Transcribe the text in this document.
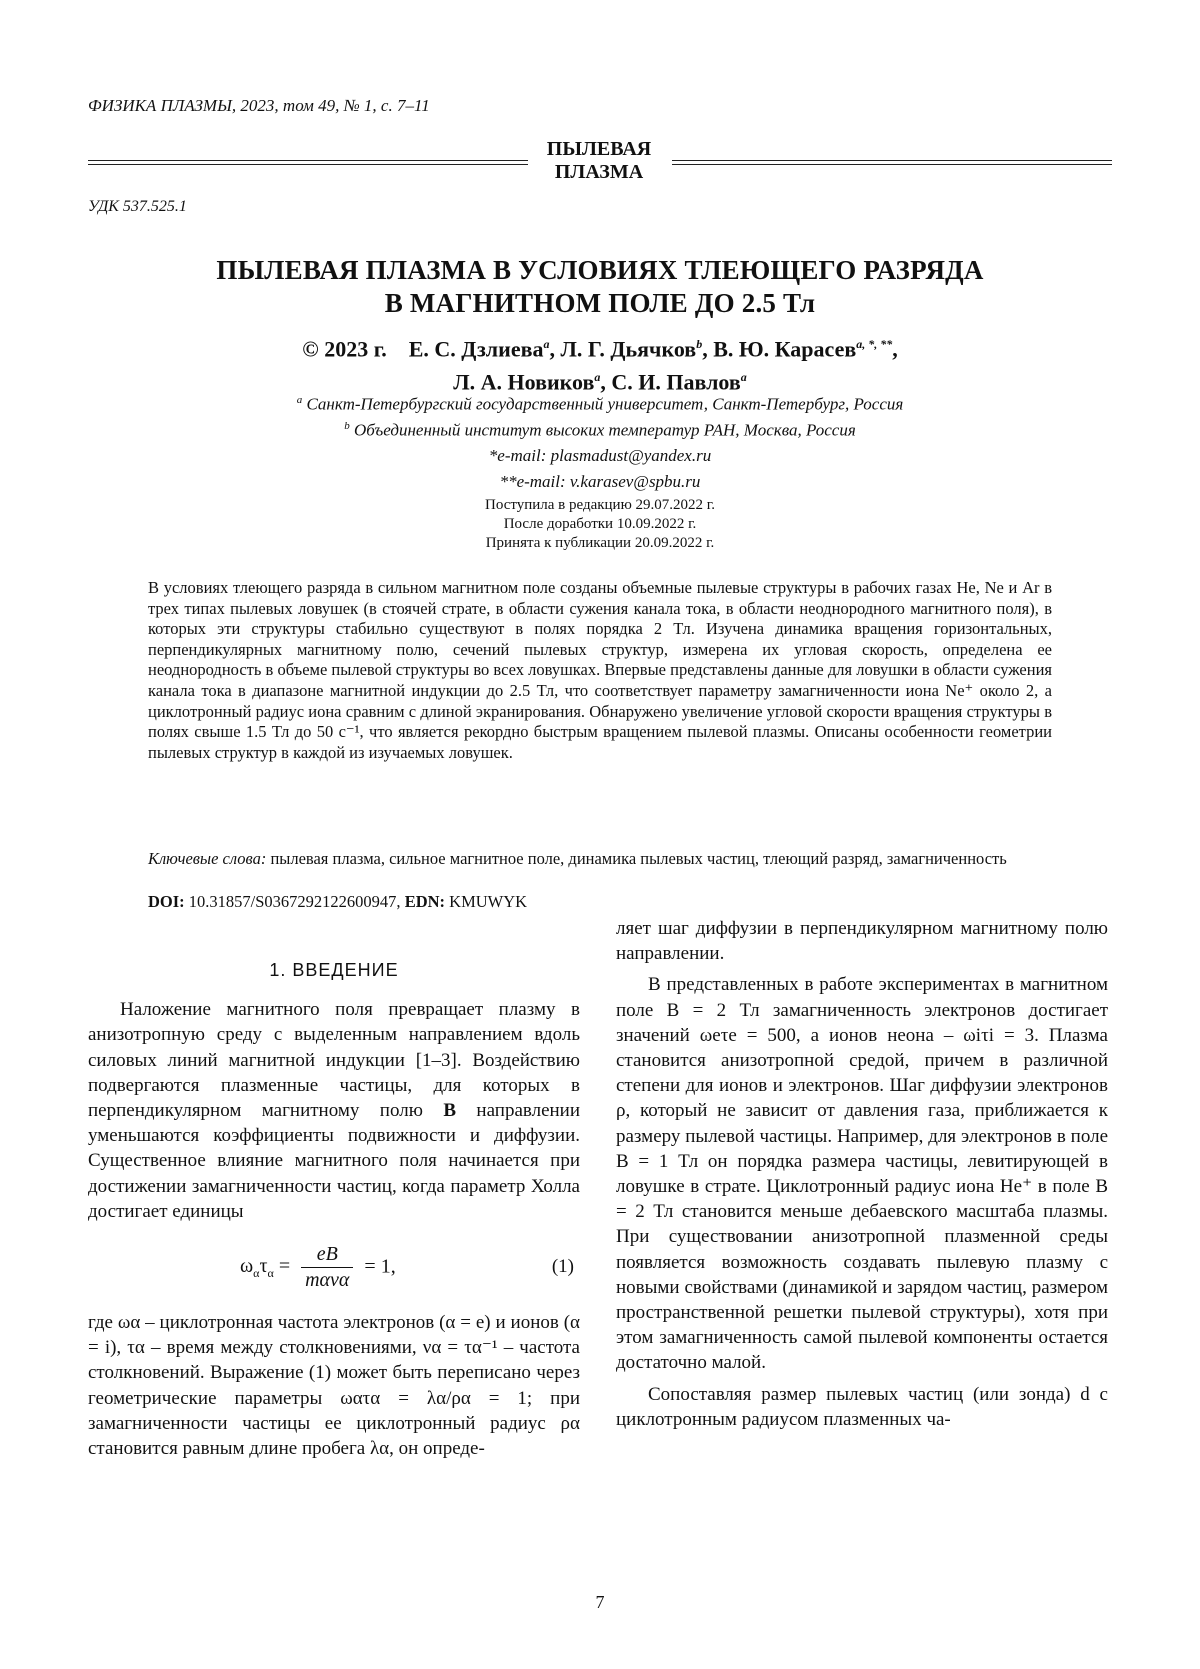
ФИЗИКА ПЛАЗМЫ, 2023, том 49, № 1, с. 7–11
ПЫЛЕВАЯ
ПЛАЗМА
УДК 537.525.1
ПЫЛЕВАЯ ПЛАЗМА В УСЛОВИЯХ ТЛЕЮЩЕГО РАЗРЯДА
В МАГНИТНОМ ПОЛЕ ДО 2.5 Тл
© 2023 г. Е. С. Дзлиева$^a$, Л. Г. Дьячков$^b$, В. Ю. Карасев$^{a, *, **}$,
Л. А. Новиков$^a$, С. И. Павлов$^a$
$^a$ Санкт-Петербургский государственный университет, Санкт-Петербург, Россия
$^b$ Объединенный институт высоких температур РАН, Москва, Россия
*e-mail: plasmadust@yandex.ru
**e-mail: v.karasev@spbu.ru
Поступила в редакцию 29.07.2022 г.
После доработки 10.09.2022 г.
Принята к публикации 20.09.2022 г.
В условиях тлеющего разряда в сильном магнитном поле созданы объемные пылевые структуры в рабочих газах He, Ne и Ar в трех типах пылевых ловушек (в стоячей страте, в области сужения канала тока, в области неоднородного магнитного поля), в которых эти структуры стабильно существуют в полях порядка 2 Тл. Изучена динамика вращения горизонтальных, перпендикулярных магнитному полю, сечений пылевых структур, измерена их угловая скорость, определена ее неоднородность в объеме пылевой структуры во всех ловушках. Впервые представлены данные для ловушки в области сужения канала тока в диапазоне магнитной индукции до 2.5 Тл, что соответствует параметру замагниченности иона Ne⁺ около 2, а циклотронный радиус иона сравним с длиной экранирования. Обнаружено увеличение угловой скорости вращения структуры в полях свыше 1.5 Тл до 50 с⁻¹, что является рекордно быстрым вращением пылевой плазмы. Описаны особенности геометрии пылевых структур в каждой из изучаемых ловушек.
Ключевые слова: пылевая плазма, сильное магнитное поле, динамика пылевых частиц, тлеющий разряд, замагниченность
DOI: 10.31857/S0367292122600947, EDN: KMUWYK
1. ВВЕДЕНИЕ

Наложение магнитного поля превращает плазму в анизотропную среду с выделенным направлением вдоль силовых линий магнитной индукции [1–3]. Воздействию подвергаются плазменные частицы, для которых в перпендикулярном магнитному полю B направлении уменьшаются коэффициенты подвижности и диффузии. Существенное влияние магнитного поля начинается при достижении замагниченности частиц, когда параметр Холла достигает единицы

$\omega_\alpha\tau_\alpha = \frac{eB}{\text{mανα}} = 1$,	(1)

где ωα – циклотронная частота электронов (α = e) и ионов (α = i), τα – время между столкновениями, να = τα⁻¹ – частота столкновений. Выражение (1) может быть переписано через геометрические параметры ωατα = λα/ρα = 1; при замагниченности частицы ее циклотронный радиус ρα становится равным длине пробега λα, он опреде-

ляет шаг диффузии в перпендикулярном магнитному полю направлении.

В представленных в работе экспериментах в магнитном поле B = 2 Тл замагниченность электронов достигает значений ωeτe = 500, а ионов неона – ωiτi = 3. Плазма становится анизотропной средой, причем в различной степени для ионов и электронов. Шаг диффузии электронов ρ, который не зависит от давления газа, приближается к размеру пылевой частицы. Например, для электронов в поле B = 1 Тл он порядка размера частицы, левитирующей в ловушке в страте. Циклотронный радиус иона He⁺ в поле B = 2 Тл становится меньше дебаевского масштаба плазмы. При существовании анизотропной плазменной среды появляется возможность создавать пылевую плазму с новыми свойствами (динамикой и зарядом частиц, размером пространственной решетки пылевой структуры), хотя при этом замагниченность самой пылевой компоненты остается достаточно малой.

Сопоставляя размер пылевых частиц (или зонда) d с циклотронным радиусом плазменных ча-

7
